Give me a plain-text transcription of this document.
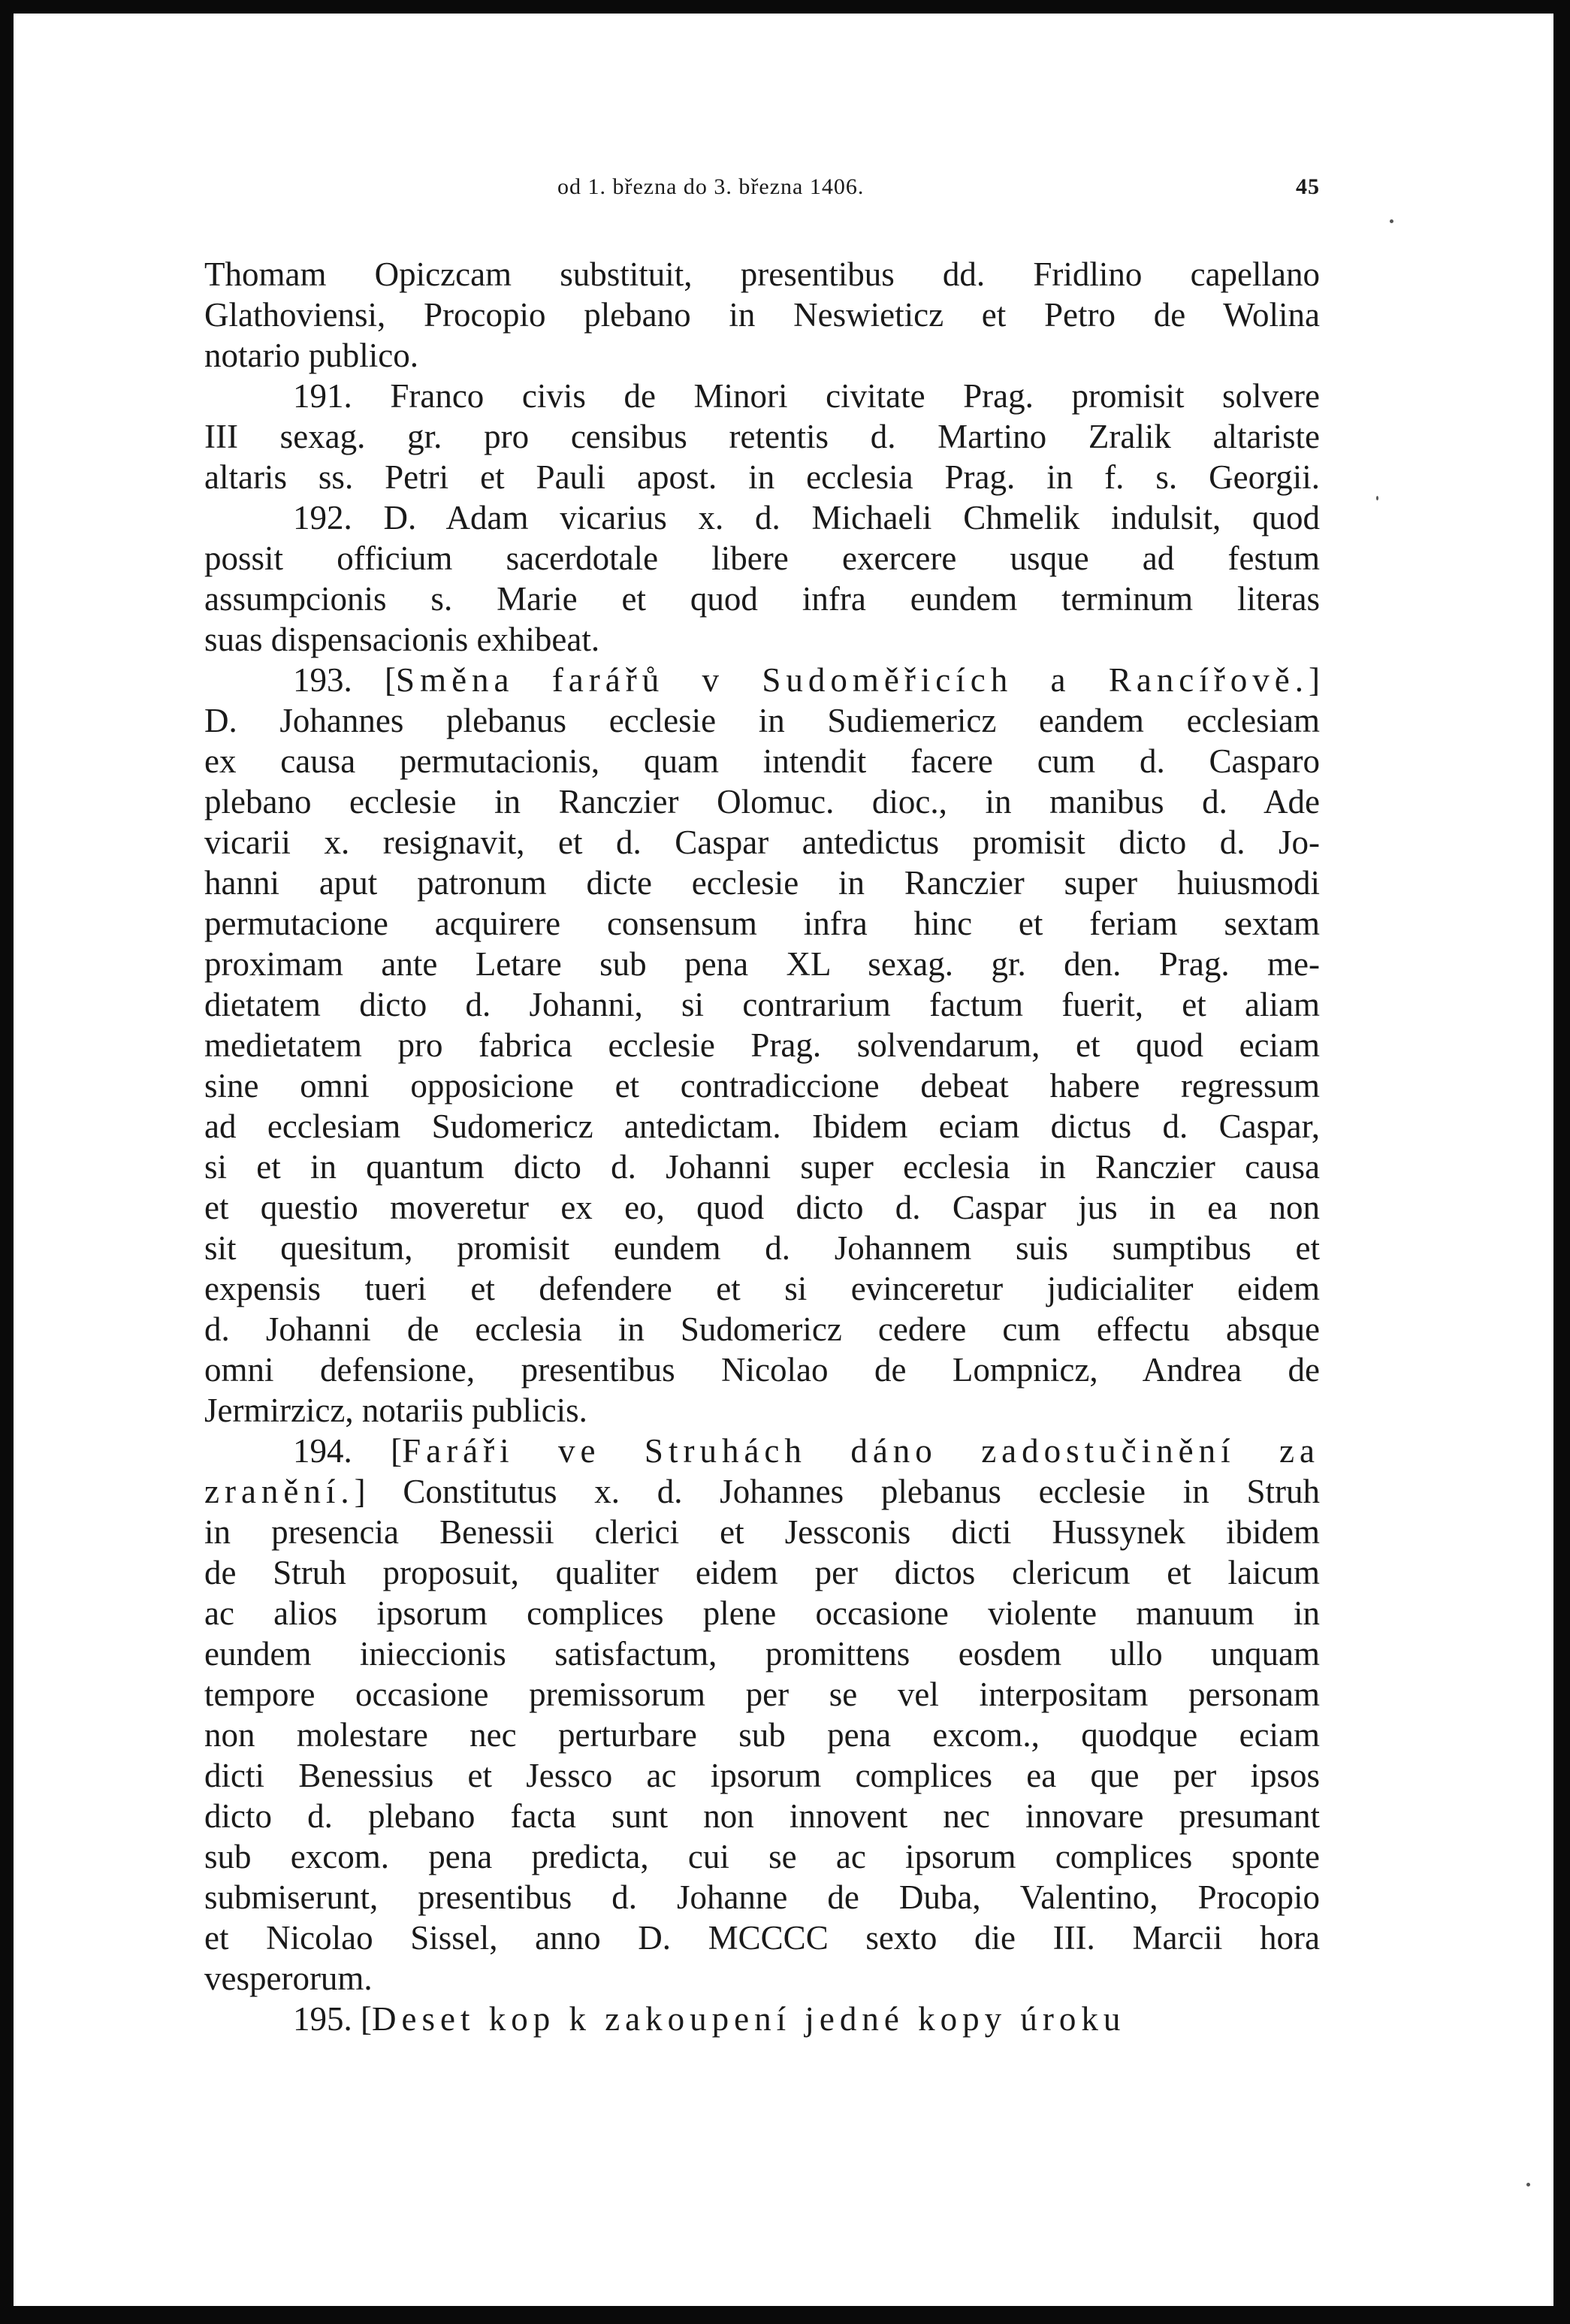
od 1. března do 3. března 1406.	45
Thomam Opiczcam substituit, presentibus dd. Fridlino capellano
Glathoviensi, Procopio plebano in Neswieticz et Petro de Wolina
notario publico.
191. Franco civis de Minori civitate Prag. promisit solvere
III sexag. gr. pro censibus retentis d. Martino Zralik altariste
altaris ss. Petri et Pauli apost. in ecclesia Prag. in f. s. Georgii.
192. D. Adam vicarius x. d. Michaeli Chmelik indulsit, quod
possit officium sacerdotale libere exercere usque ad festum
assumpcionis s. Marie et quod infra eundem terminum literas
suas dispensacionis exhibeat.
193. [Směna farářů v Sudoměřicích a Rancířově.]
D. Johannes plebanus ecclesie in Sudiemericz eandem ecclesiam
ex causa permutacionis, quam intendit facere cum d. Casparo
plebano ecclesie in Ranczier Olomuc. dioc., in manibus d. Ade
vicarii x. resignavit, et d. Caspar antedictus promisit dicto d. Jo-
hanni aput patronum dicte ecclesie in Ranczier super huiusmodi
permutacione acquirere consensum infra hinc et feriam sextam
proximam ante Letare sub pena XL sexag. gr. den. Prag. me-
dietatem dicto d. Johanni, si contrarium factum fuerit, et aliam
medietatem pro fabrica ecclesie Prag. solvendarum, et quod eciam
sine omni opposicione et contradiccione debeat habere regressum
ad ecclesiam Sudomericz antedictam. Ibidem eciam dictus d. Caspar,
si et in quantum dicto d. Johanni super ecclesia in Ranczier causa
et questio moveretur ex eo, quod dicto d. Caspar jus in ea non
sit quesitum, promisit eundem d. Johannem suis sumptibus et
expensis tueri et defendere et si evinceretur judicialiter eidem
d. Johanni de ecclesia in Sudomericz cedere cum effectu absque
omni defensione, presentibus Nicolao de Lompnicz, Andrea de
Jermirzicz, notariis publicis.
194. [Faráři ve Struhách dáno zadostučinění za
zranění.] Constitutus x. d. Johannes plebanus ecclesie in Struh
in presencia Benessii clerici et Jessconis dicti Hussynek ibidem
de Struh proposuit, qualiter eidem per dictos clericum et laicum
ac alios ipsorum complices plene occasione violente manuum in
eundem inieccionis satisfactum, promittens eosdem ullo unquam
tempore occasione premissorum per se vel interpositam personam
non molestare nec perturbare sub pena excom., quodque eciam
dicti Benessius et Jessco ac ipsorum complices ea que per ipsos
dicto d. plebano facta sunt non innovent nec innovare presumant
sub excom. pena predicta, cui se ac ipsorum complices sponte
submiserunt, presentibus d. Johanne de Duba, Valentino, Procopio
et Nicolao Sissel, anno D. MCCCC sexto die III. Marcii hora
vesperorum.
195. [Deset kop k zakoupení jedné kopy úroku
